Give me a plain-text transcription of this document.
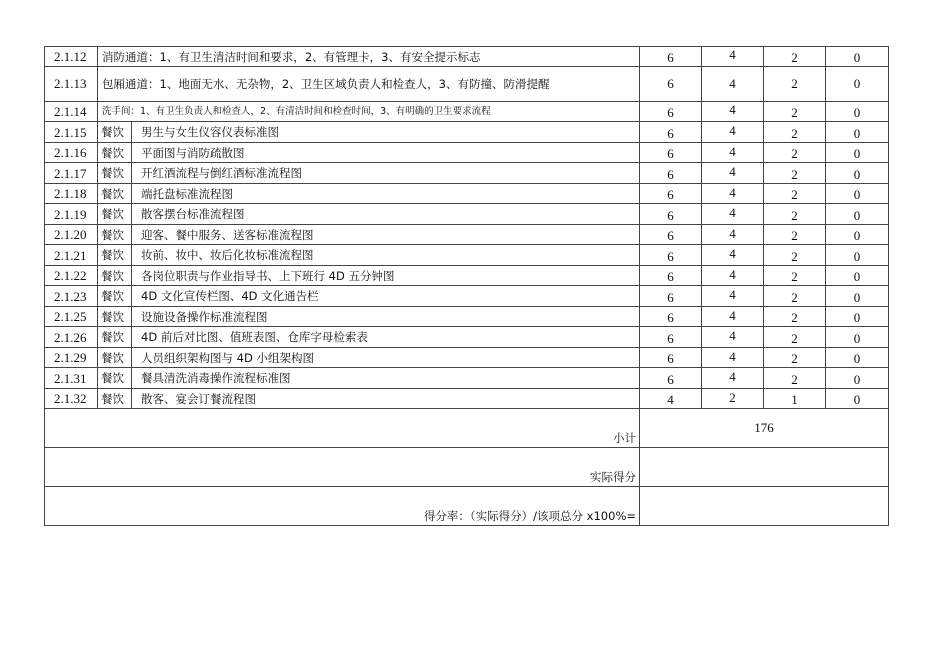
2.1.12	消防通道：1、有卫生清洁时间和要求，2、有管理卡，3、有安全提示标志		6	4	2	0
2.1.13	包厢通道：1、地面无水、无杂物，2、卫生区域负责人和检查人，3、有防撞、防滑提醒		6	4	2	0
2.1.14	洗手间：1、有卫生负责人和检查人，2、有清洁时间和检查时间，3、有明确的卫生要求流程		6	4	2	0
2.1.15	餐饮	男生与女生仪容仪表标准图	6	4	2	0
2.1.16	餐饮	平面图与消防疏散图	6	4	2	0
2.1.17	餐饮	开红酒流程与倒红酒标准流程图	6	4	2	0
2.1.18	餐饮	端托盘标准流程图	6	4	2	0
2.1.19	餐饮	散客摆台标准流程图	6	4	2	0
2.1.20	餐饮	迎客、餐中服务、送客标准流程图	6	4	2	0
2.1.21	餐饮	妆前、妆中、妆后化妆标准流程图	6	4	2	0
2.1.22	餐饮	各岗位职责与作业指导书、上下班行 4D 五分钟图	6	4	2	0
2.1.23	餐饮	4D 文化宣传栏图、4D 文化通告栏	6	4	2	0
2.1.25	餐饮	设施设备操作标准流程图	6	4	2	0
2.1.26	餐饮	4D 前后对比图、值班表图、仓库字母检索表	6	4	2	0
2.1.29	餐饮	人员组织架构图与 4D 小组架构图	6	4	2	0
2.1.31	餐饮	餐具清洗消毒操作流程标准图	6	4	2	0
2.1.32	餐饮	散客、宴会订餐流程图	4	2	1	0
小计			176			
实际得分						
得分率：（实际得分）/该项总分 x100%=						
